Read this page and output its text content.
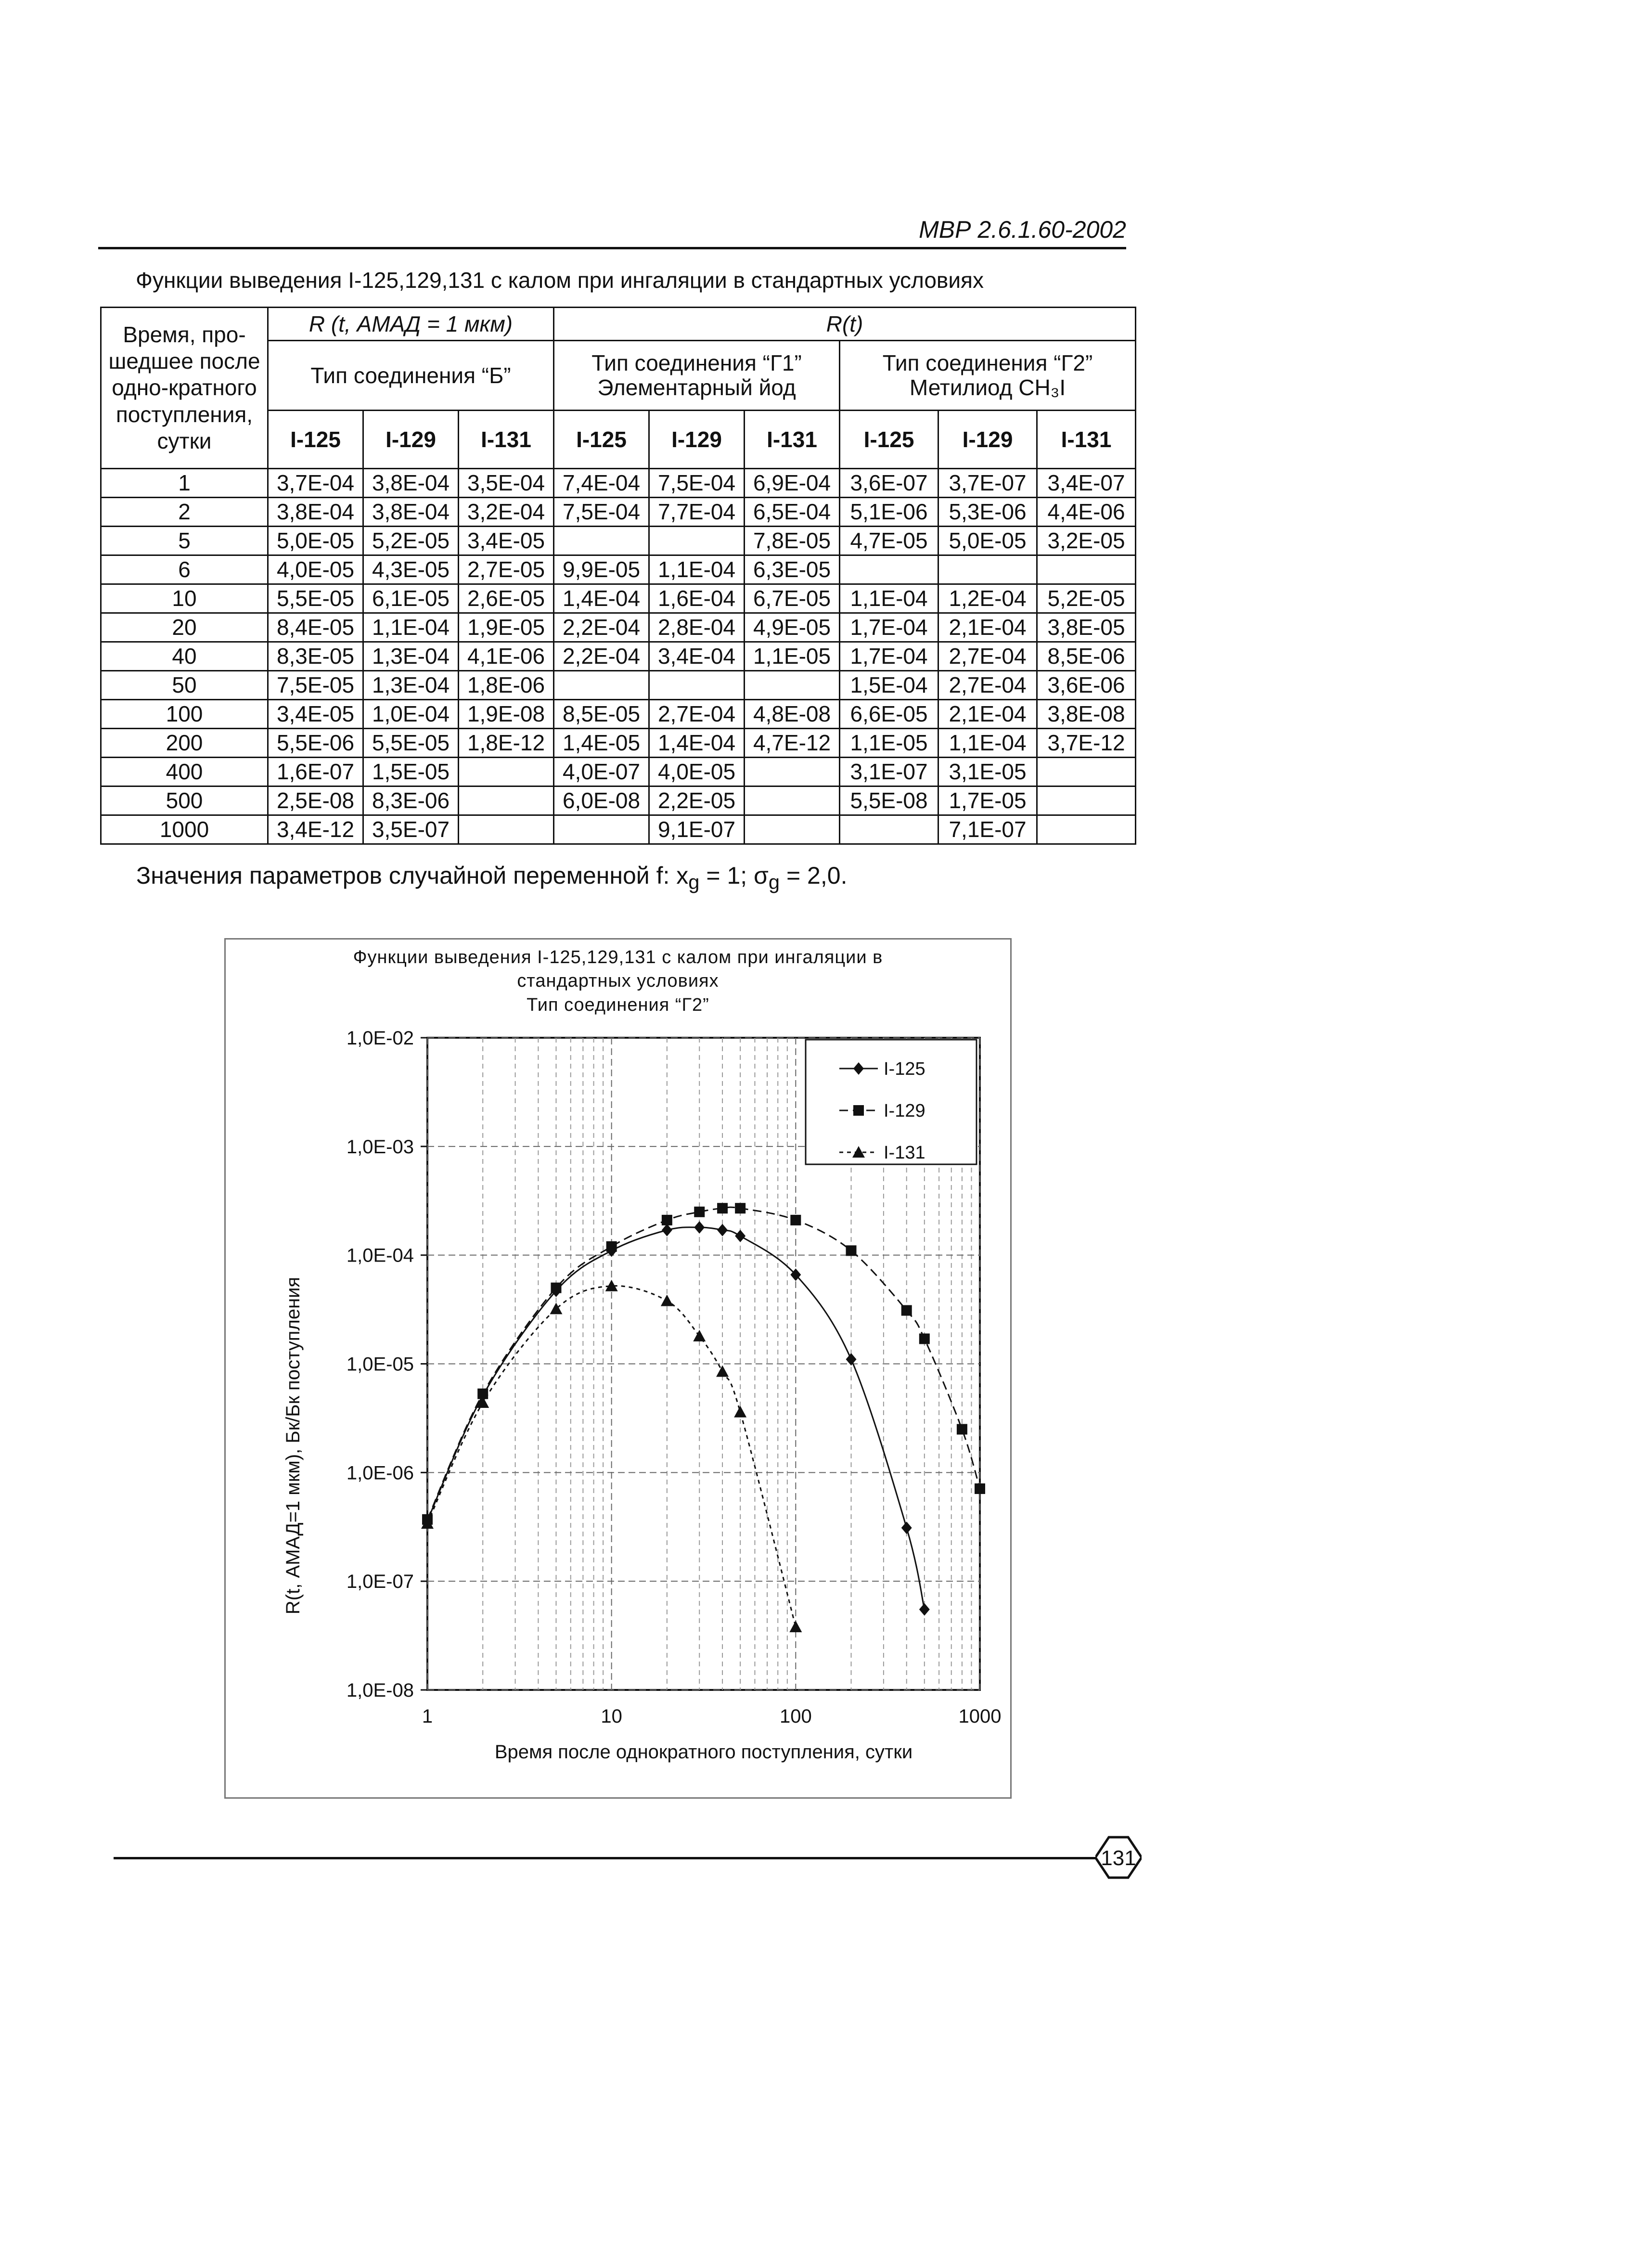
МВР 2.6.1.60-2002
Функции выведения I-125,129,131 с калом при ингаляции в стандартных условиях
Время, про-шедшее после одно-кратного поступления, сутки	R (t, АМАД = 1 мкм)			R(t)					
	Тип соединения “Б”			Тип соединения “Г1” Элементарный йод			Тип соединения “Г2” Метилиод CH₃I		
	I-125	I-129	I-131	I-125	I-129	I-131	I-125	I-129	I-131
1	3,7E-04	3,8E-04	3,5E-04	7,4E-04	7,5E-04	6,9E-04	3,6E-07	3,7E-07	3,4E-07
2	3,8E-04	3,8E-04	3,2E-04	7,5E-04	7,7E-04	6,5E-04	5,1E-06	5,3E-06	4,4E-06
5	5,0E-05	5,2E-05	3,4E-05			7,8E-05	4,7E-05	5,0E-05	3,2E-05
6	4,0E-05	4,3E-05	2,7E-05	9,9E-05	1,1E-04	6,3E-05			
10	5,5E-05	6,1E-05	2,6E-05	1,4E-04	1,6E-04	6,7E-05	1,1E-04	1,2E-04	5,2E-05
20	8,4E-05	1,1E-04	1,9E-05	2,2E-04	2,8E-04	4,9E-05	1,7E-04	2,1E-04	3,8E-05
40	8,3E-05	1,3E-04	4,1E-06	2,2E-04	3,4E-04	1,1E-05	1,7E-04	2,7E-04	8,5E-06
50	7,5E-05	1,3E-04	1,8E-06				1,5E-04	2,7E-04	3,6E-06
100	3,4E-05	1,0E-04	1,9E-08	8,5E-05	2,7E-04	4,8E-08	6,6E-05	2,1E-04	3,8E-08
200	5,5E-06	5,5E-05	1,8E-12	1,4E-05	1,4E-04	4,7E-12	1,1E-05	1,1E-04	3,7E-12
400	1,6E-07	1,5E-05		4,0E-07	4,0E-05		3,1E-07	3,1E-05	
500	2,5E-08	8,3E-06		6,0E-08	2,2E-05		5,5E-08	1,7E-05	
1000	3,4E-12	3,5E-07			9,1E-07			7,1E-07	
Значения параметров случайной переменной f: $x_g = 1$; $\sigma_g = 2,0$.
Функции выведения I-125,129,131 с калом при ингаляции в
стандартных условиях
Тип соединения “Г2”
1	10	100	1000
1,0E-08
1,0E-07
1,0E-06
1,0E-05
1,0E-04
1,0E-03
1,0E-02
Время после однократного поступления, сутки
R(t, АМАД=1 мкм), Бк/Бк поступления
I-125
I-129
I-131
131
